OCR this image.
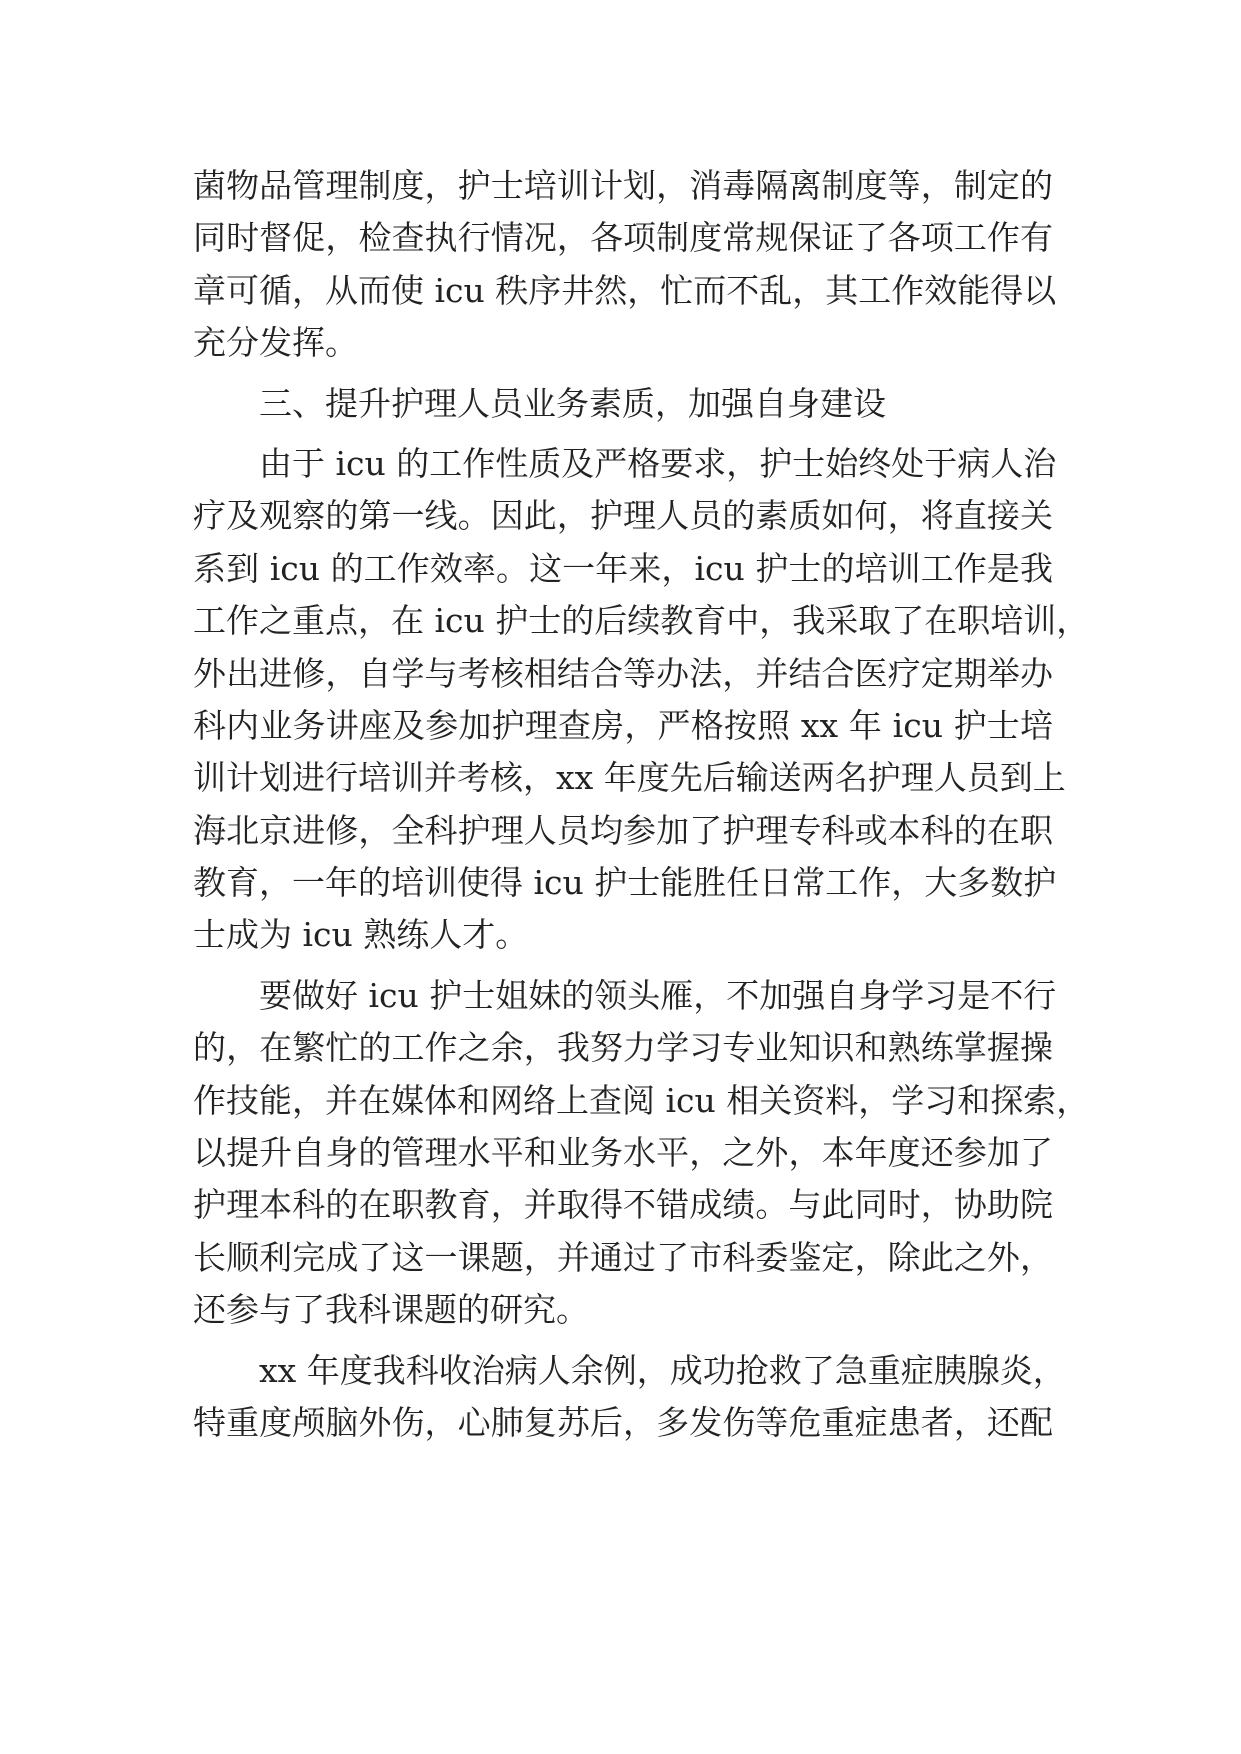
菌物品管理制度，护士培训计划，消毒隔离制度等，制定的
同时督促，检查执行情况，各项制度常规保证了各项工作有
章可循，从而使 icu 秩序井然，忙而不乱，其工作效能得以
充分发挥。
三、提升护理人员业务素质，加强自身建设
由于 icu 的工作性质及严格要求，护士始终处于病人治
疗及观察的第一线。因此，护理人员的素质如何，将直接关
系到 icu 的工作效率。这一年来，icu 护士的培训工作是我
工作之重点，在 icu 护士的后续教育中，我采取了在职培训，
外出进修，自学与考核相结合等办法，并结合医疗定期举办
科内业务讲座及参加护理查房，严格按照 xx 年 icu 护士培
训计划进行培训并考核，xx 年度先后输送两名护理人员到上
海北京进修，全科护理人员均参加了护理专科或本科的在职
教育，一年的培训使得 icu 护士能胜任日常工作，大多数护
士成为 icu 熟练人才。
要做好 icu 护士姐妹的领头雁，不加强自身学习是不行
的，在繁忙的工作之余，我努力学习专业知识和熟练掌握操
作技能，并在媒体和网络上查阅 icu 相关资料，学习和探索，
以提升自身的管理水平和业务水平，之外，本年度还参加了
护理本科的在职教育，并取得不错成绩。与此同时，协助院
长顺利完成了这一课题，并通过了市科委鉴定，除此之外，
还参与了我科课题的研究。
xx 年度我科收治病人余例，成功抢救了急重症胰腺炎，
特重度颅脑外伤，心肺复苏后，多发伤等危重症患者，还配
